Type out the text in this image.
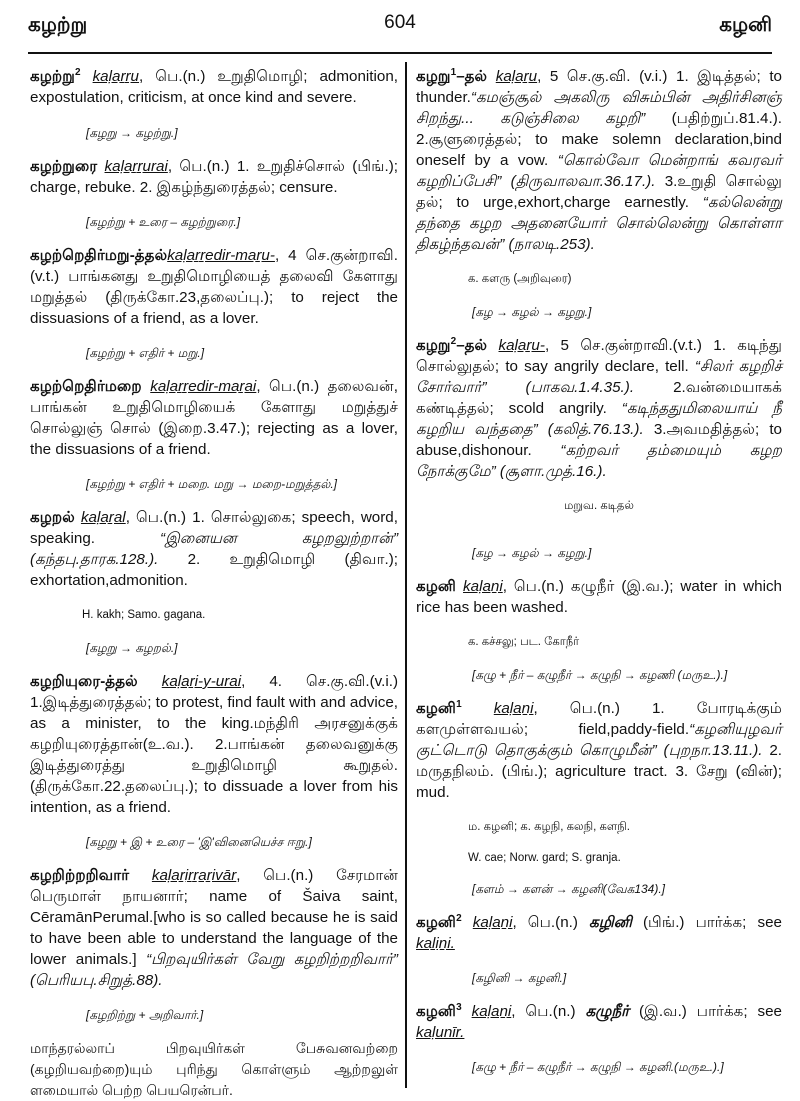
கழற்று	604	கழனி

கழற்று$^2$ kaḷaṟṟu, பெ.(n.) உறுதிமொழி; admonition, expostulation, criticism, at once kind and severe.

[கழறு → கழற்று.]

கழற்றுரை kaḷaṟṟurai, பெ.(n.) 1. உறுதிச்சொல் (பிங்.); charge, rebuke. 2. இகழ்ந்துரைத்தல்; censure.

[கழற்று + உரை – கழற்றுரை.]

கழற்றெதிர்மறு-த்தல்kaḷaṟṟedir-maṟu-, 4 செ.குன்றாவி. (v.t.) பாங்கனது உறுதிமொழியைத் தலைவி கேளாது மறுத்தல் (திருக்கோ.23,தலைப்பு.); to reject the dissuasions of a friend, as a lover.

[கழற்று + எதிர் + மறு.]

கழற்றெதிர்மறை kaḷaṟṟedir-maṟai, பெ.(n.) தலைவன், பாங்கன் உறுதிமொழியைக் கேளாது மறுத்துச் சொல்லுஞ் சொல் (இறை.3.47.); rejecting as a lover, the dissuasions of a friend.

[கழற்று + எதிர் + மறை. மறு → மறை-மறுத்தல்.]

கழறல் kaḷaṟal, பெ.(n.) 1. சொல்லுகை; speech, word, speaking. “இனையன கழறலுற்றான்” (கந்தபு.தாரக.128.). 2. உறுதிமொழி (திவா.); exhortation,admonition.

H. kakh; Samo. gagana.

[கழறு → கழறல்.]

கழறியுரை-த்தல் kaḷaṟi-y-urai, 4. செ.கு.வி.(v.i.) 1.இடித்துரைத்தல்; to protest, find fault with and advice, as a minister, to the king.மந்திரி அரசனுக்குக் கழறியுரைத்தான்(உ.வ.). 2.பாங்கன் தலைவனுக்கு இடித்துரைத்து உறுதிமொழி கூறுதல். (திருக்கோ.22.தலைப்பு.); to dissuade a lover from his intention, as a friend.

[கழறு + இ + உரை – 'இ'வினையெச்ச ஈறு.]

கழறிற்றறிவார் kaḷaṟiṟṟaṟivār, பெ.(n.) சேரமான் பெருமாள் நாயனார்; name of Šaiva saint, CēramānPerumal.[who is so called because he is said to have been able to understand the language of the lower animals.] “பிறவுயிர்கள் வேறு கழறிற்றறிவார்” (பெரியபு.சிறுத்.88).

[கழறிற்று + அறிவார்.]

மாந்தரல்லாப் பிறவுயிர்கள் பேசுவனவற்றை (கழறியவற்றை)யும் புரிந்து கொள்ளும் ஆற்றலுள் ளமையால் பெற்ற பெயரென்பர்.

கழறு$^1$–தல் kaḷaṟu, 5 செ.கு.வி. (v.i.) 1. இடித்தல்; to thunder.“கமஞ்சூல் அகலிரு விசும்பின் அதிர்சினஞ் சிறந்து... கடுஞ்சிலை கழறி” (பதிற்றுப்.81.4.). 2.சூளுரைத்தல்; to make solemn declaration,bind oneself by a vow. “கொல்வோ மென்றாங் கவரவர் கழறிப்பேசி” (திருவாலவா.36.17.). 3.உறுதி சொல்லு தல்; to urge,exhort,charge earnestly. “கல்லென்று தந்தை கழற அதனையோர் சொல்லென்று கொள்ளா திகழ்ந்தவன்” (நாலடி.253).

க. களரு (அறிவுரை)

[கழ → கழல் → கழறு.]

கழறு$^2$–தல் kaḷaṟu-, 5 செ.குன்றாவி.(v.t.) 1. கடிந்து சொல்லுதல்; to say angrily declare, tell. “சிலர் கழறிச் சோர்வார்” (பாகவ.1.4.35.). 2.வன்மையாகக் கண்டித்தல்; scold angrily. “கடிந்ததுமிலையாய் நீ கழறிய வந்ததை” (கலித்.76.13.). 3.அவமதித்தல்; to abuse,dishonour. “கற்றவர் தம்மையும் கழற நோக்குமே” (சூளா.முத்.16.).

மறுவ. கடிதல்

[கழ → கழல் → கழறு.]

கழனி kaḷaṉi, பெ.(n.) கழுநீர் (இ.வ.); water in which rice has been washed.

க. கச்சலு; பட. கோநீர்

[கழு + நீர் – கழுநீர் → கழுநி → கழணி (மருஉ.).]

கழனி$^1$ kaḷaṉi, பெ.(n.) 1. போரடிக்கும் களமுள்ளவயல்; field,paddy-field.“கழனியுழவர் குட்டொடு தொகுக்கும் கொழுமீன்” (புறநா.13.11.). 2. மருதநிலம். (பிங்.); agriculture tract. 3. சேறு (வின்); mud.

ம. கழனி; க. கழநி, கலநி, களநி.

W. cae; Norw. gard; S. granja.

[களம் → களன் → கழனி(வேக134).]

கழனி$^2$ kaḷaṉi, பெ.(n.) கழினி (பிங்.) பார்க்க; see kaḻiṉi.

[கழினி → கழனி.]

கழனி$^3$ kaḷaṉi, பெ.(n.) கழுநீர் (இ.வ.) பார்க்க; see kaḷunīr.

[கழு + நீர் – கழுநீர் → கழுநி → கழனி.(மருஉ.).]
